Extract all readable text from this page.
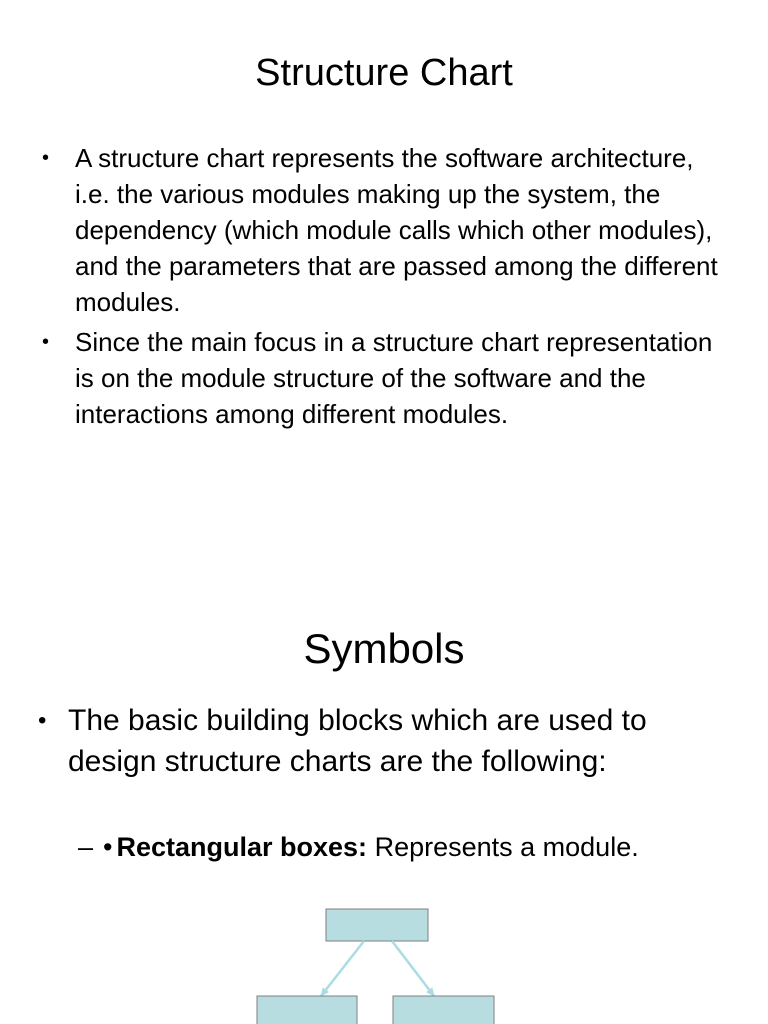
Structure Chart
• A structure chart represents the software architecture, i.e. the various modules making up the system, the dependency (which module calls which other modules), and the parameters that are passed among the different modules.
• Since the main focus in a structure chart representation is on the module structure of the software and the interactions among different modules.
Symbols
• The basic building blocks which are used to design structure charts are the following:
– • Rectangular boxes: Represents a module.
